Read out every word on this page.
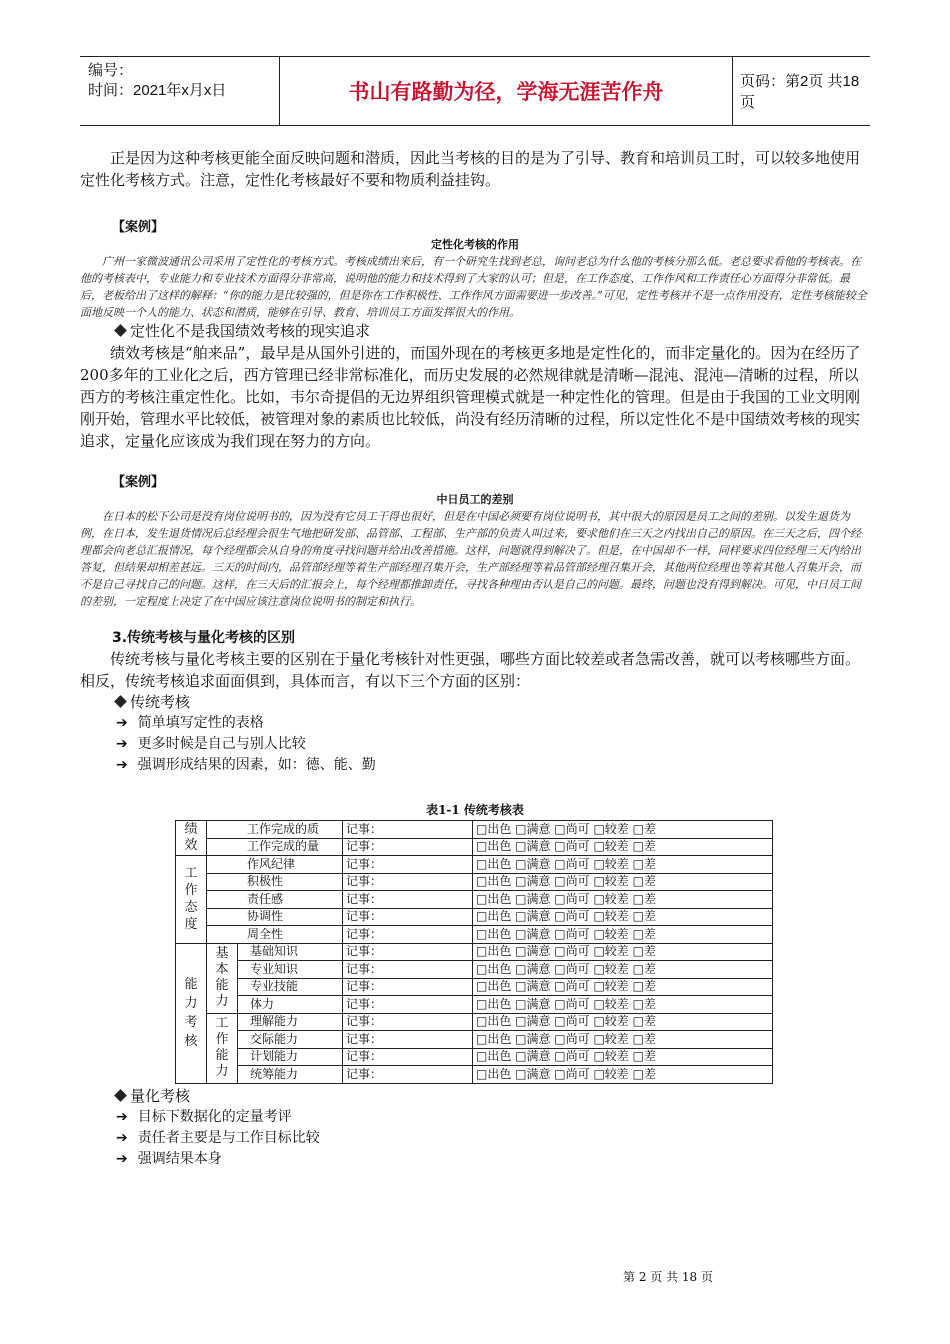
编号：
时间：2021年x月x日	书山有路勤为径，学海无涯苦作舟	页码：第2页 共18页

正是因为这种考核更能全面反映问题和潜质，因此当考核的目的是为了引导、教育和培训员工时，可以较多地使用定性化考核方式。注意，定性化考核最好不要和物质利益挂钩。

【案例】
定性化考核的作用

广州一家微波通讯公司采用了定性化的考核方式。考核成绩出来后，有一个研究生找到老总，询问老总为什么他的考核分那么低。老总要求看他的考核表。在他的考核表中，专业能力和专业技术方面得分非常高，说明他的能力和技术得到了大家的认可；但是，在工作态度、工作作风和工作责任心方面得分非常低。最后，老板给出了这样的解释：“你的能力是比较强的，但是你在工作积极性、工作作风方面需要进一步改善。”可见，定性考核并不是一点作用没有，定性考核能较全面地反映一个人的能力、状态和潜质，能够在引导、教育、培训员工方面发挥很大的作用。

定性化不是我国绩效考核的现实追求

绩效考核是“舶来品”，最早是从国外引进的，而国外现在的考核更多地是定性化的，而非定量化的。因为在经历了200多年的工业化之后，西方管理已经非常标准化，而历史发展的必然规律就是清晰—混沌、混沌—清晰的过程，所以西方的考核注重定性化。比如，韦尔奇提倡的无边界组织管理模式就是一种定性化的管理。但是由于我国的工业文明刚刚开始，管理水平比较低，被管理对象的素质也比较低，尚没有经历清晰的过程，所以定性化不是中国绩效考核的现实追求，定量化应该成为我们现在努力的方向。

【案例】
中日员工的差别

在日本的松下公司是没有岗位说明书的，因为没有它员工干得也很好，但是在中国必须要有岗位说明书，其中很大的原因是员工之间的差别。以发生退货为例，在日本，发生退货情况后总经理会很生气地把研发部、品管部、工程部、生产部的负责人叫过来，要求他们在三天之内找出自己的原因。在三天之后，四个经理都会向老总汇报情况，每个经理都会从自身的角度寻找问题并给出改善措施。这样，问题就得到解决了。但是，在中国却不一样，同样要求四位经理三天内给出答复，但结果却相差甚远。三天的时间内，品管部经理等着生产部经理召集开会，生产部经理等着品管部经理召集开会，其他两位经理也等着其他人召集开会，而不是自己寻找自己的问题。这样，在三天后的汇报会上，每个经理都推卸责任，寻找各种理由否认是自己的问题。最终，问题也没有得到解决。可见，中日员工间的差别，一定程度上决定了在中国应该注意岗位说明书的制定和执行。

3.传统考核与量化考核的区别

传统考核与量化考核主要的区别在于量化考核针对性更强，哪些方面比较差或者急需改善，就可以考核哪些方面。相反，传统考核追求面面俱到，具体而言，有以下三个方面的区别：

传统考核
➔ 简单填写定性的表格
➔ 更多时候是自己与别人比较
➔ 强调形成结果的因素，如：德、能、勤
表1-1 传统考核表
绩效	工作完成的质		记事：	□出色 □满意 □尚可 □较差 □差
	工作完成的量		记事：	□出色 □满意 □尚可 □较差 □差
工作态度	作风纪律		记事：	□出色 □满意 □尚可 □较差 □差
	积极性		记事：	□出色 □满意 □尚可 □较差 □差
	责任感		记事：	□出色 □满意 □尚可 □较差 □差
	协调性		记事：	□出色 □满意 □尚可 □较差 □差
	周全性		记事：	□出色 □满意 □尚可 □较差 □差
能力考核	基本能力	基础知识	记事：	□出色 □满意 □尚可 □较差 □差
		专业知识	记事：	□出色 □满意 □尚可 □较差 □差
		专业技能	记事：	□出色 □满意 □尚可 □较差 □差
		体力	记事：	□出色 □满意 □尚可 □较差 □差
	工作能力	理解能力	记事：	□出色 □满意 □尚可 □较差 □差
		交际能力	记事：	□出色 □满意 □尚可 □较差 □差
		计划能力	记事：	□出色 □满意 □尚可 □较差 □差
		统筹能力	记事：	□出色 □满意 □尚可 □较差 □差
量化考核
➔ 目标下数据化的定量考评
➔ 责任者主要是与工作目标比较
➔ 强调结果本身
第 2 页 共 18 页
